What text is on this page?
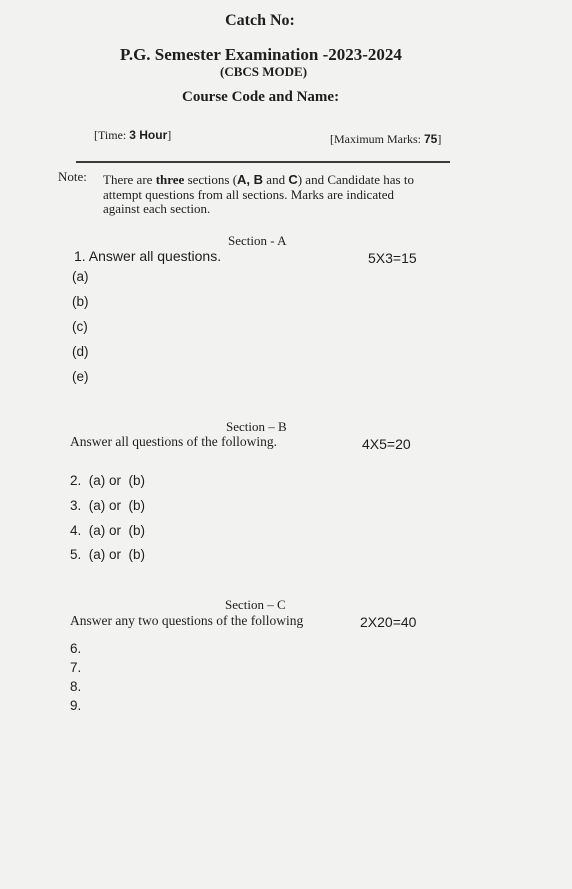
Catch No:
P.G. Semester Examination -2023-2024
(CBCS MODE)
Course Code and Name:
[Time: 3 Hour]	[Maximum Marks: 75]
Note: There are three sections (A, B and C) and Candidate has to
attempt questions from all sections. Marks are indicated
against each section.
Section - A
1. Answer all questions.	5X3=15
(a)
(b)
(c)
(d)
(e)
Section – B
Answer all questions of the following.	4X5=20
2.  (a) or  (b)
3.  (a) or  (b)
4.  (a) or  (b)
5.  (a) or  (b)
Section – C
Answer any two questions of the following	2X20=40
6.
7.
8.
9.
